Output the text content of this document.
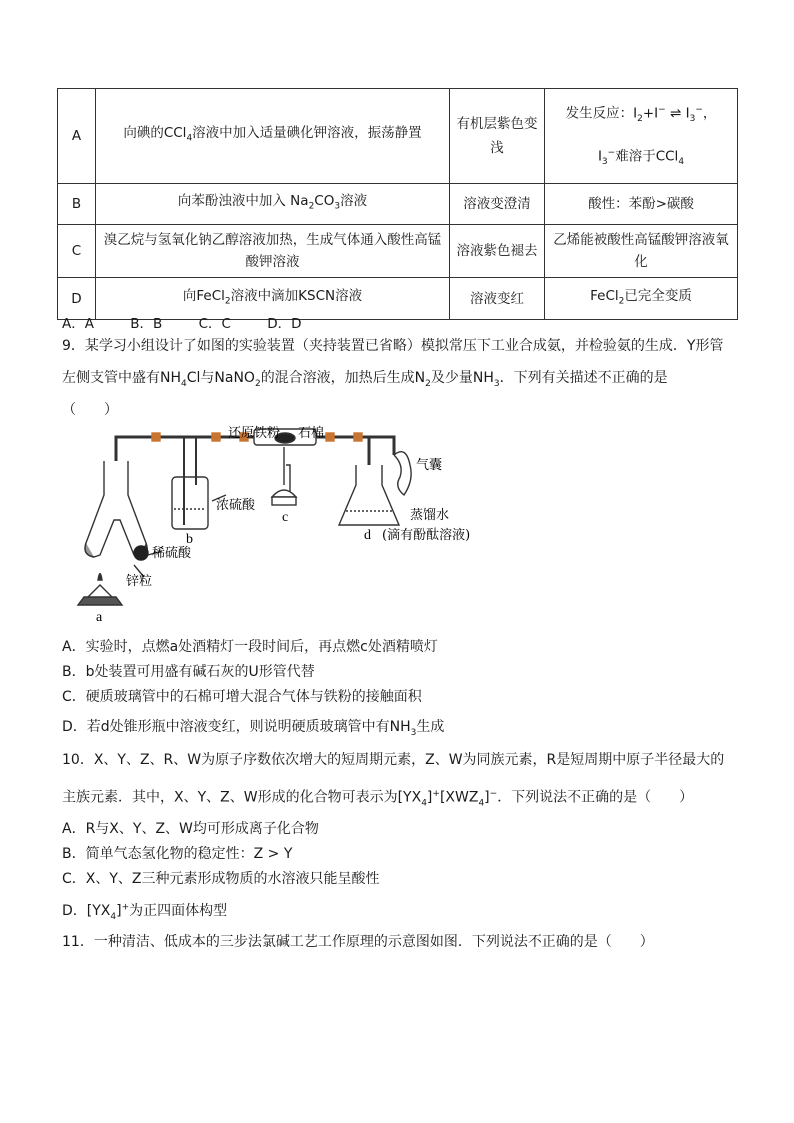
A	向碘的CCl$_4$溶液中加入适量碘化钾溶液，振荡静置	有机层紫色变浅	发生反应：$I_2+I^-$ ⇌ $I_3^-$，
$I_3^-$难溶于CCl$_4$

B	向苯酚浊液中加入 $Na_2CO_3$溶液	溶液变澄清	酸性：苯酚>碳酸
C	溴乙烷与氢氧化钠乙醇溶液加热，生成气体通入酸性高锰酸钾溶液	溶液紫色褪去	乙烯能被酸性高锰酸钾溶液氧化
D	向FeCl$_2$溶液中滴加KSCN溶液	溶液变红	FeCl$_2$已完全变质
A．A	B．B	C．C	D．D
9．某学习小组设计了如图的实验装置（夹持装置已省略）模拟常压下工业合成氨，并检验氨的生成．Y形管
左侧支管中盛有$NH_4Cl$与NaNO$_2$的混合溶液，加热后生成$N_2$及少量$NH_3$．下列有关描述不正确的是
（　　）
还原铁粉 石棉
气囊
浓硫酸
蒸馏水
(滴有酚酞溶液)
稀硫酸
锌粒
a
b
c
d
A．实验时，点燃a处酒精灯一段时间后，再点燃c处酒精喷灯
B．b处装置可用盛有碱石灰的U形管代替
C．硬质玻璃管中的石棉可增大混合气体与铁粉的接触面积
D．若d处锥形瓶中溶液变红，则说明硬质玻璃管中有$NH_3$生成
10．X、Y、Z、R、W为原子序数依次增大的短周期元素，Z、W为同族元素，R是短周期中原子半径最大的
主族元素．其中，X、Y、Z、W形成的化合物可表示为$[YX_4]^+[XWZ_4]^-$．下列说法不正确的是（　　）
A．R与X、Y、Z、W均可形成离子化合物
B．简单气态氢化物的稳定性：Z > Y
C．X、Y、Z三种元素形成物质的水溶液只能呈酸性
D．$[YX_4]^+$为正四面体构型
11．一种清洁、低成本的三步法氯碱工艺工作原理的示意图如图．下列说法不正确的是（　　）
